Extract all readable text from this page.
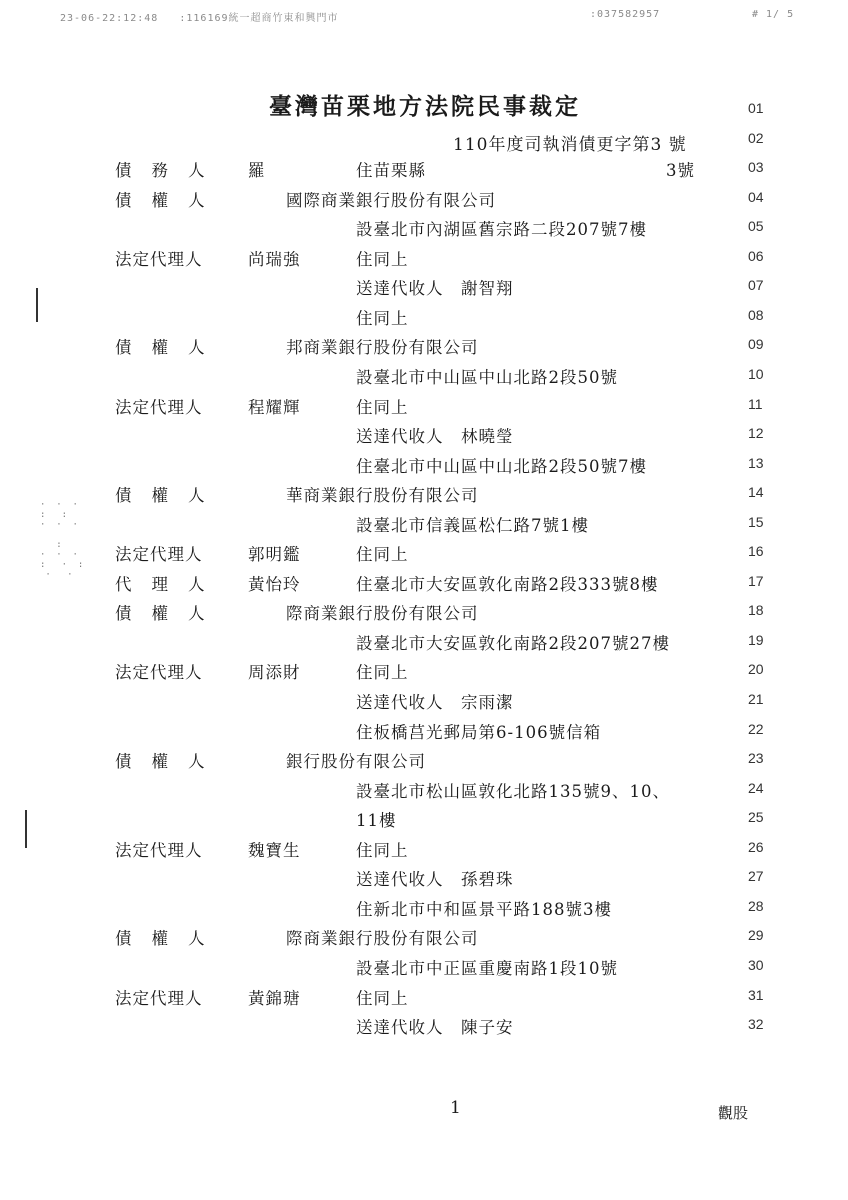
23-06-22:12:48 :116169統一超商竹東和興門市	:037582957	# 1/ 5
臺灣苗栗地方法院民事裁定
110年度司執消債更字第3 號
01
02
債務人 羅	住苗栗縣	3號	03
債權人	國際商業銀行股份有限公司	04
設臺北市內湖區舊宗路二段207號7樓	05
法定代理人	尚瑞強	住同上	06
送達代收人　謝智翔	07
住同上	08
債權人	邦商業銀行股份有限公司	09
設臺北市中山區中山北路2段50號	10
法定代理人	程耀輝	住同上	11
送達代收人　林曉瑩	12
住臺北市中山區中山北路2段50號7樓	13
債權人	華商業銀行股份有限公司	14
設臺北市信義區松仁路7號1樓	15
法定代理人	郭明鑑	住同上	16
代理人 黃怡玲	住臺北市大安區敦化南路2段333號8樓	17
債權人	際商業銀行股份有限公司	18
設臺北市大安區敦化南路2段207號27樓	19
法定代理人	周添財	住同上	20
送達代收人　宗雨潔	21
住板橋莒光郵局第6-106號信箱	22
債權人	銀行股份有限公司	23
設臺北市松山區敦化北路135號9、10、	24
11樓	25
法定代理人	魏寶生	住同上	26
送達代收人　孫碧珠	27
住新北市中和區景平路188號3樓	28
債權人	際商業銀行股份有限公司	29
設臺北市中正區重慶南路1段10號	30
法定代理人	黃錦瑭	住同上	31
送達代收人　陳子安	32
1	觀股
·  ·  ·
:   :
·  ·  ·

:
·  ·  ·
:   ·  :
·   ·
